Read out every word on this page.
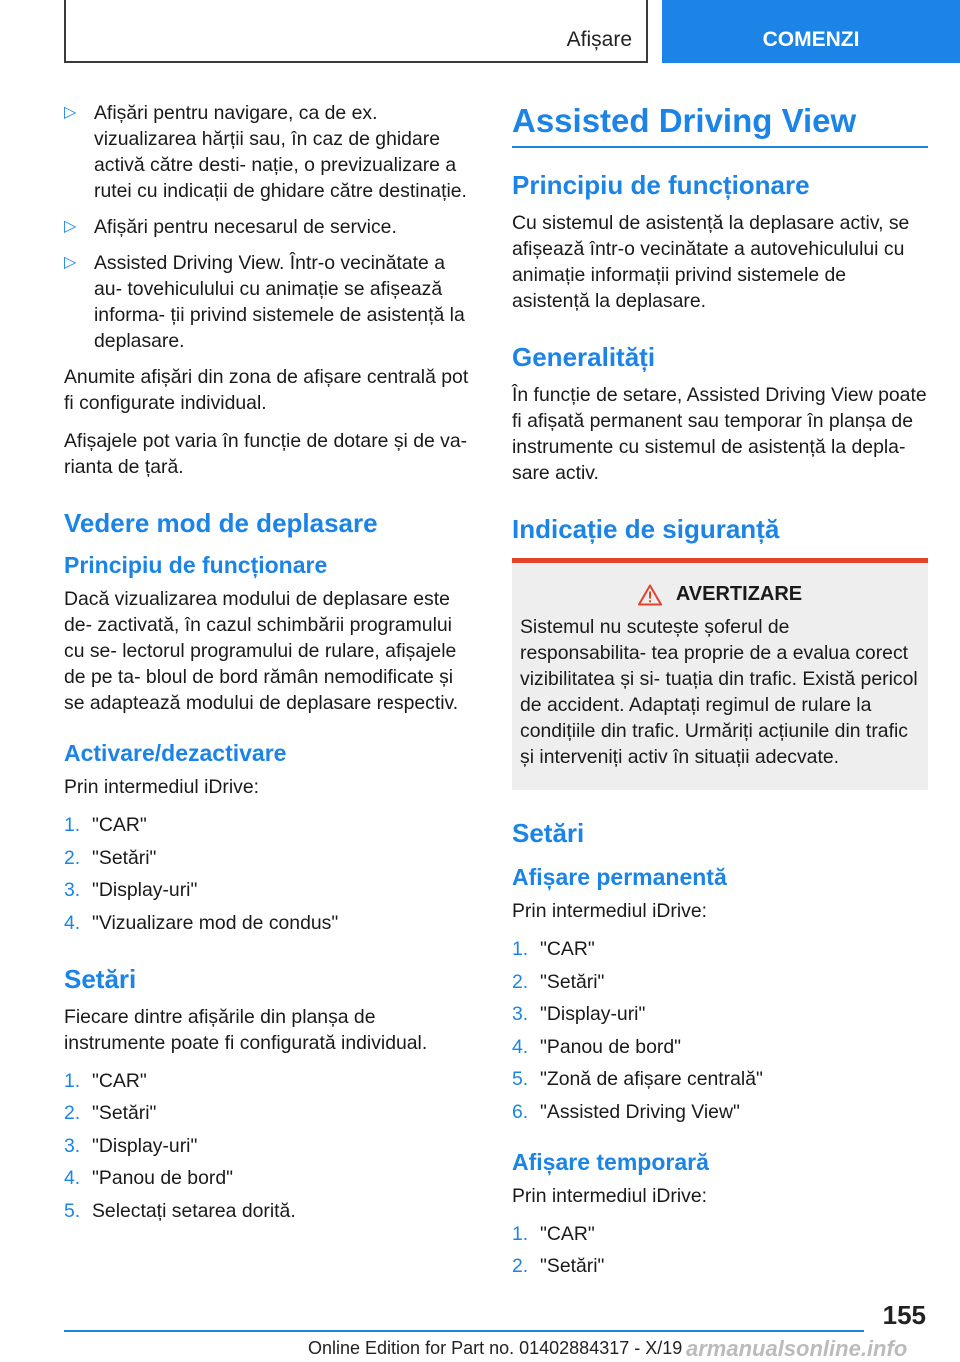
Afișare	COMENZI
▷ Afișări pentru navigare, ca de ex. vizualizarea hărții sau, în caz de ghidare activă către desti- nație, o previzualizare a rutei cu indicații de ghidare către destinație.
▷ Afișări pentru necesarul de service.
▷ Assisted Driving View. Într-o vecinătate a au- tovehiculului cu animație se afișează informa- ții privind sistemele de asistență la deplasare.

Anumite afișări din zona de afișare centrală pot fi configurate individual.

Afișajele pot varia în funcție de dotare și de va- rianta de țară.

Vedere mod de deplasare
Principiu de funcționare

Dacă vizualizarea modului de deplasare este de- zactivată, în cazul schimbării programului cu se- lectorul programului de rulare, afișajele de pe ta- bloul de bord rămân nemodificate și se adaptează modului de deplasare respectiv.

Activare/dezactivare

Prin intermediul iDrive:

1. "CAR"
2. "Setări"
3. "Display-uri"
4. "Vizualizare mod de condus"
Setări

Fiecare dintre afișările din planșa de instrumente poate fi configurată individual.

1. "CAR"
2. "Setări"
3. "Display-uri"
4. "Panou de bord"
5. Selectați setarea dorită.
Assisted Driving View
Principiu de funcționare

Cu sistemul de asistență la deplasare activ, se afișează într-o vecinătate a autovehiculului cu animație informații privind sistemele de asistență la deplasare.

Generalități

În funcție de setare, Assisted Driving View poate fi afișată permanent sau temporar în planșa de instrumente cu sistemul de asistență la depla- sare activ.

Indicație de siguranță
AVERTIZARE

Sistemul nu scutește șoferul de responsabilita- tea proprie de a evalua corect vizibilitatea și si- tuația din trafic. Există pericol de accident. Adaptați regimul de rulare la condițiile din trafic. Urmăriți acțiunile din trafic și interveniți activ în situații adecvate.

Setări
Afișare permanentă

Prin intermediul iDrive:

1. "CAR"
2. "Setări"
3. "Display-uri"
4. "Panou de bord"
5. "Zonă de afișare centrală"
6. "Assisted Driving View"
Afișare temporară

Prin intermediul iDrive:

1. "CAR"
2. "Setări"
155
Online Edition for Part no. 01402884317 - X/19 armanualsonline.info
